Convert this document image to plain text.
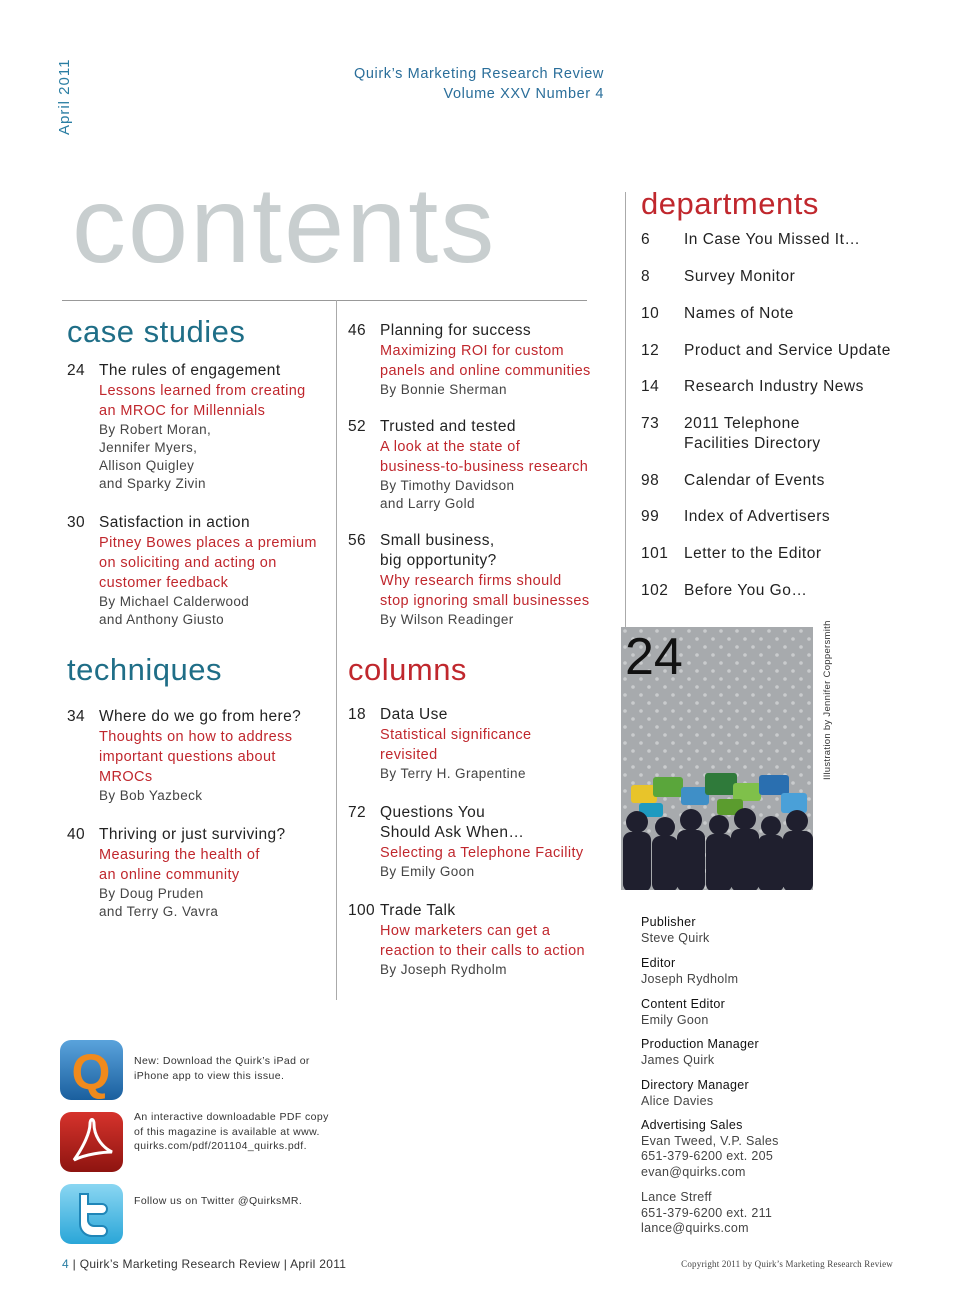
April 2011	Quirk’s Marketing Research Review
Volume XXV Number 4
contents
case studies
24 The rules of engagement
Lessons learned from creating
an MROC for Millennials
By Robert Moran,
Jennifer Myers,
Allison Quigley
and Sparky Zivin
30 Satisfaction in action
Pitney Bowes places a premium
on soliciting and acting on
customer feedback
By Michael Calderwood
and Anthony Giusto
techniques
34 Where do we go from here?
Thoughts on how to address
important questions about
MROCs
By Bob Yazbeck
40 Thriving or just surviving?
Measuring the health of
an online community
By Doug Pruden
and Terry G. Vavra
46 Planning for success
Maximizing ROI for custom
panels and online communities
By Bonnie Sherman
52 Trusted and tested
A look at the state of
business-to-business research
By Timothy Davidson
and Larry Gold
56 Small business,
big opportunity?
Why research firms should
stop ignoring small businesses
By Wilson Readinger
columns
18 Data Use
Statistical significance
revisited
By Terry H. Grapentine
72 Questions You
Should Ask When…
Selecting a Telephone Facility
By Emily Goon
100 Trade Talk
How marketers can get a
reaction to their calls to action
By Joseph Rydholm
departments
6 In Case You Missed It…
8 Survey Monitor
10 Names of Note
12 Product and Service Update
14 Research Industry News
73 2011 Telephone
Facilities Directory
98 Calendar of Events
99 Index of Advertisers
101 Letter to the Editor
102 Before You Go…
24	Illustration by Jennifer Coppersmith
Publisher
Steve Quirk
Editor
Joseph Rydholm
Content Editor
Emily Goon
Production Manager
James Quirk
Directory Manager
Alice Davies
Advertising Sales
Evan Tweed, V.P. Sales
651-379-6200 ext. 205
evan@quirks.com
Lance Streff
651-379-6200 ext. 211
lance@quirks.com
Q New: Download the Quirk’s iPad or
iPhone app to view this issue.
An interactive downloadable PDF copy
of this magazine is available at www.
quirks.com/pdf/201104_quirks.pdf.
Follow us on Twitter @QuirksMR.
4 | Quirk’s Marketing Research Review | April 2011	Copyright 2011 by Quirk’s Marketing Research Review
